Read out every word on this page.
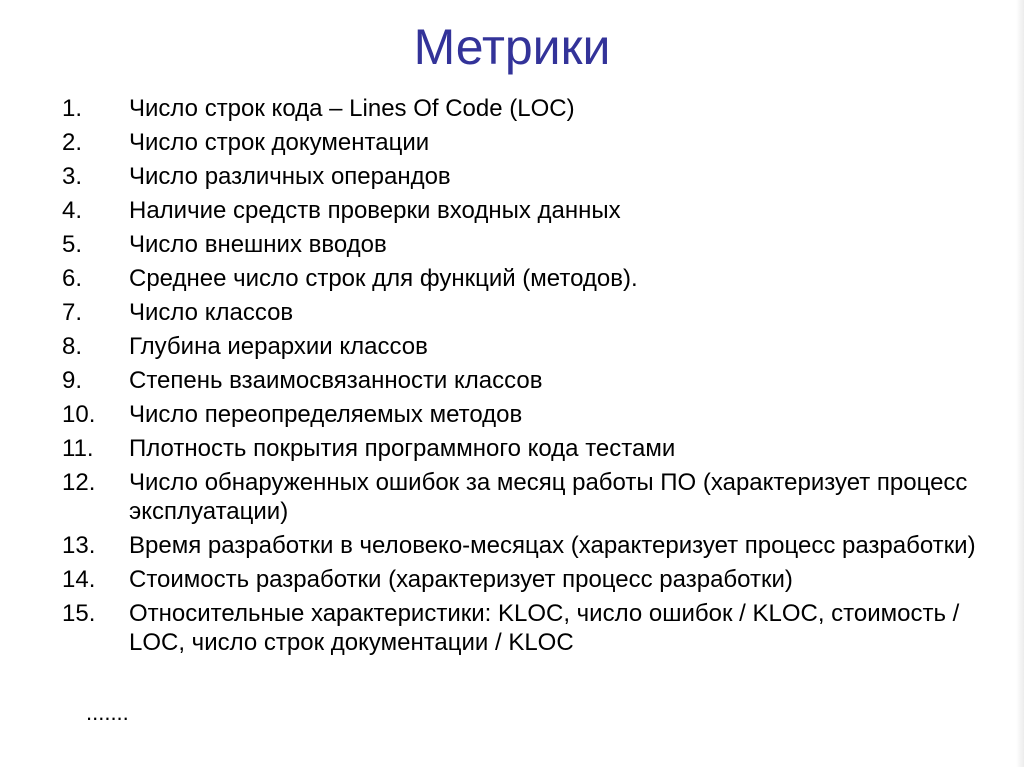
Метрики
1. Число строк кода – Lines Of Code (LOC)
2. Число строк документации
3. Число различных операндов
4. Наличие средств проверки входных данных
5. Число внешних вводов
6. Среднее число строк для функций (методов).
7. Число классов
8. Глубина иерархии классов
9. Степень взаимосвязанности классов
10. Число переопределяемых методов
11. Плотность покрытия программного кода тестами
12. Число обнаруженных ошибок за месяц работы ПО (характеризует процесс эксплуатации)
13. Время разработки в человеко-месяцах (характеризует процесс разработки)
14. Стоимость разработки (характеризует процесс разработки)
15. Относительные характеристики: KLOC, число ошибок / KLOC, стоимость / LOC, число строк документации / KLOC
.......
